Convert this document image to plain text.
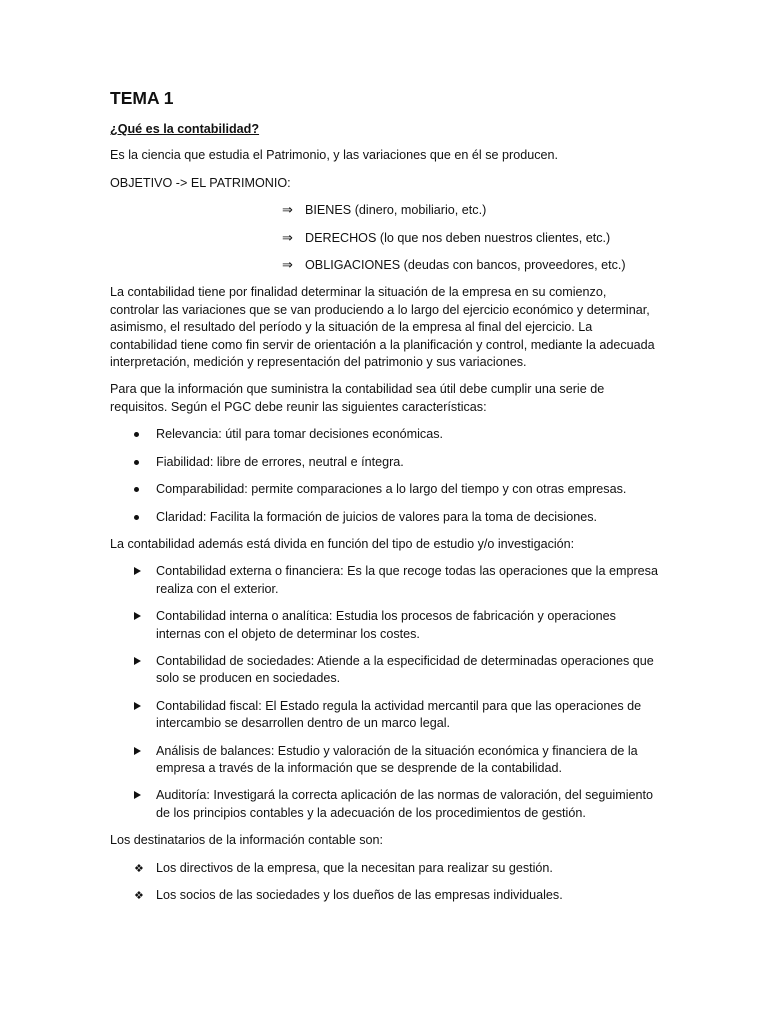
TEMA 1
¿Qué es la contabilidad?

Es la ciencia que estudia el Patrimonio, y las variaciones que en él se producen.

OBJETIVO -> EL PATRIMONIO:

⇒ BIENES (dinero, mobiliario, etc.)
⇒ DERECHOS (lo que nos deben nuestros clientes, etc.)
⇒ OBLIGACIONES (deudas con bancos, proveedores, etc.)

La contabilidad tiene por finalidad determinar la situación de la empresa en su comienzo, controlar las variaciones que se van produciendo a lo largo del ejercicio económico y determinar, asimismo, el resultado del período y la situación de la empresa al final del ejercicio. La contabilidad tiene como fin servir de orientación a la planificación y control, mediante la adecuada interpretación, medición y representación del patrimonio y sus variaciones.

Para que la información que suministra la contabilidad sea útil debe cumplir una serie de requisitos. Según el PGC debe reunir las siguientes características:

Relevancia: útil para tomar decisiones económicas.
Fiabilidad: libre de errores, neutral e íntegra.
Comparabilidad: permite comparaciones a lo largo del tiempo y con otras empresas.
Claridad: Facilita la formación de juicios de valores para la toma de decisiones.

La contabilidad además está divida en función del tipo de estudio y/o investigación:

Contabilidad externa o financiera: Es la que recoge todas las operaciones que la empresa realiza con el exterior.
Contabilidad interna o analítica: Estudia los procesos de fabricación y operaciones internas con el objeto de determinar los costes.
Contabilidad de sociedades: Atiende a la especificidad de determinadas operaciones que solo se producen en sociedades.
Contabilidad fiscal: El Estado regula la actividad mercantil para que las operaciones de intercambio se desarrollen dentro de un marco legal.
Análisis de balances: Estudio y valoración de la situación económica y financiera de la empresa a través de la información que se desprende de la contabilidad.
Auditoría: Investigará la correcta aplicación de las normas de valoración, del seguimiento de los principios contables y la adecuación de los procedimientos de gestión.

Los destinatarios de la información contable son:

❖ Los directivos de la empresa, que la necesitan para realizar su gestión.
❖ Los socios de las sociedades y los dueños de las empresas individuales.
